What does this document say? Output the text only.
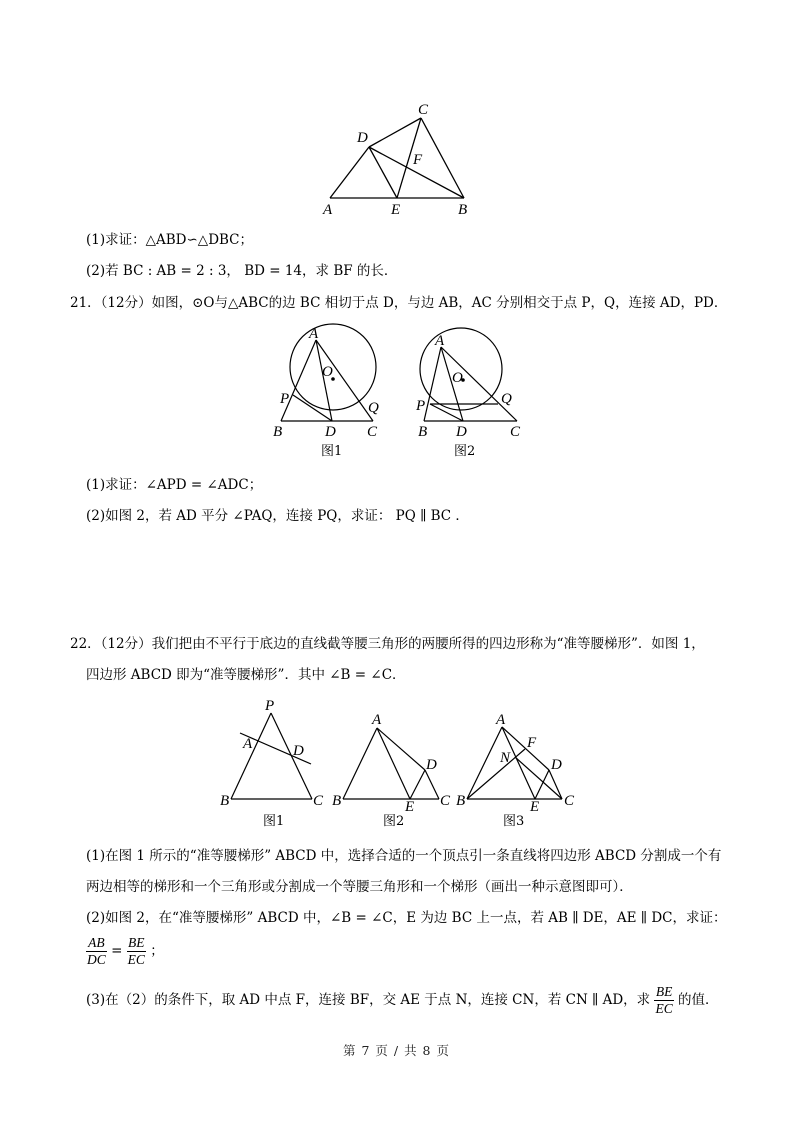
C
D
F
A	E	B
(1)求证：△ABD∽△DBC；
(2)若 BC : AB = 2 : 3， BD = 14，求 BF 的长．
21．（12分）如图，⊙O与△ABC的边 BC 相切于点 D，与边 AB，AC 分别相交于点 P，Q，连接 AD，PD．
A
O
P
Q
B	D C
图1
A
O
P	Q
B D	C
图2
(1)求证：∠APD = ∠ADC；
(2)如图 2，若 AD 平分 ∠PAQ，连接 PQ，求证： PQ ∥ BC ．
22．（12分）我们把由不平行于底边的直线截等腰三角形的两腰所得的四边形称为“准等腰梯形”．如图 1，
四边形 ABCD 即为“准等腰梯形”．其中 ∠B = ∠C．
P
A	D
B	C
图1
A
D
B	E C
图2
A
F
N	D
B	E C
图3
(1)在图 1 所示的“准等腰梯形” ABCD 中，选择合适的一个顶点引一条直线将四边形 ABCD 分割成一个有
两边相等的梯形和一个三角形或分割成一个等腰三角形和一个梯形（画出一种示意图即可）．
(2)如图 2，在“准等腰梯形” ABCD 中，∠B = ∠C，E 为边 BC 上一点，若 AB ∥ DE，AE ∥ DC，求证：
$\frac{AB}{DC} = \frac{BE}{EC}$ ；
(3)在（2）的条件下，取 AD 中点 F，连接 BF，交 AE 于点 N，连接 CN，若 CN ∥ AD，求 $\frac{BE}{EC}$ 的值．
第 7 页 / 共 8 页
